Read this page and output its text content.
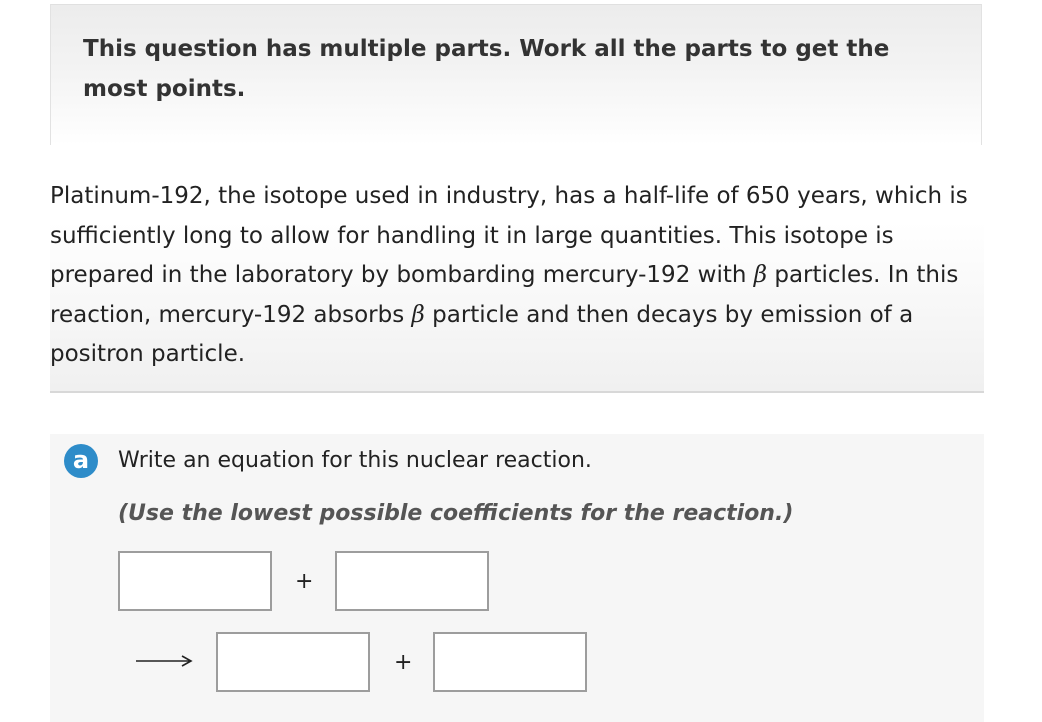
This question has multiple parts. Work all the parts to get the most points.

Platinum-192, the isotope used in industry, has a half-life of 650 years, which is sufficiently long to allow for handling it in large quantities. This isotope is prepared in the laboratory by bombarding mercury-192 with β particles. In this reaction, mercury-192 absorbs β particle and then decays by emission of a positron particle.

a	Write an equation for this nuclear reaction.

(Use the lowest possible coefficients for the reaction.)

+
+
